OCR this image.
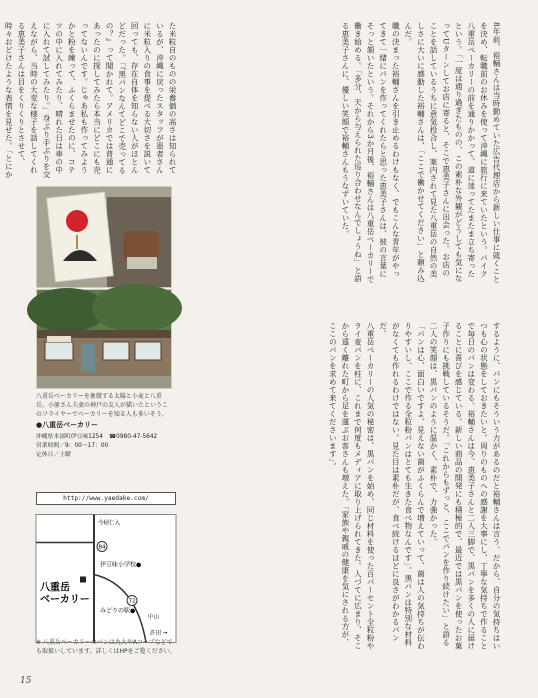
8年前、裕輔さんは当時勤めていた広告代理店から新しい仕事に就くことを決め、転職前のお休みを使って沖縄に旅行に来ていたという。パイク八重岳ベーカリーの前を通りかかって、道に迷ってたまたま立ち寄ったという。「一度は通り過ぎたものの、この素朴な外観がどうしても気になってUターンしてお店に寄ると、そこで恵美子さんに出会った。お店のことを話しているうちに意気投合し、案内されて見た八重岳の自然の美しさに大いに感動した裕輔さんは、「ここで働かせてください」と頼み込んだ。

職の決まった裕輔さんを引き止めるわけもなく、でもこんな青年がやってきて一緒にパンを作ってくれたらと思った恵美子さんは、彼の言葉にそっと頷いたという。それから3か月後、裕輔さんは八重岳ベーカリーで働き始める。「多分、天から与えられた巡り合わせなんでしょうね」と語る恵美子さんに、優しい笑顔で裕輔さんもうなずいていた。

た米粒自のものの栄養価の高さは知られているが、沖縄に戻ったスタッフが患者さんに米粒入りの食事を提べる大切さを説いて回っても、存在自体を知らない人がほとんどだった。「『黒パンなんてどこで売ってるの？』って聞かれて。アメリカでは普通にあったのに探してみたら本当にどこにも売ってないんです。じゃあ私も作ってみようかと粉を練って、ふくらませたのに、コテツの中に入れてみたり、晴れた日は車の中に入れて試してみたり。」身ぶり手ぶりを交えながら、当時の大変な様子を話してくれる恵美子さんは目をくりくりとさせて、時々おどけたような表情を見せた。「とにか

するように、パンにもそういう力があるのだと裕輔さんは言う。だから、自分の気持ちはいつも心の状態をしておきたいと。周りのものへの感謝を大事にし、丁寧な気持ちで作ることで毎日のパンは変わる。裕輔さんは今、恵美子さんと二人三脚で、黒パンを多くの人に届けることに喜びを感じている。新しい商品の開発にも積極的で、最近では黒パンを使ったお菓子作りにも挑戦しているそうだ。「これからもずっと、ここでパンを作り続けたい」と語る二人の笑顔は、黒パンのように温かく、素朴で、力強かった。

「パンは心、面白いですよ。見えない菌がふくらんで増えていって、菌は人の気持ちが伝わりやすいし。ここで作る全粒粉パンはとても生きた食べ物なんです」。黒パンは特別な材料がなくても作れるわけではない。見た目は素朴だが、食べ続けるほどに良さがわかるパンだ。

八重岳ベーカリーの人気の秘密は、黒パンを始め、同じ材料を使った百パーセント全粒粉やライ麦パンを柱に、これまで何度もメディアに取り上げられてきた。人づてに広まり、そこから遠く離れた町から足を運ぶお客さんも増えた。「家族や親戚の健康を気にされる方が、ここのパンを求めて来てくださいます」。

八重岳ベーカリーを象徴する太陽と小麦と八重岳。小原さん夫妻の神戸の友人が描いたというこのフライヤーでベーカリーを知る人も多いそう。
●八重岳ベーカリー
沖縄県本部町伊豆味1254 ☎0980-47-5642
営業時間／9：00～17：00
定休日／土曜
http://www.yaedake.com/
84
72
今帰仁入
伊豆味小学校●
みどりの駅●
中山
許田 →
八重岳 ベーカリー
※ 八重岳ベーカリーのパンは丸大やAコープなどでも取扱いしています。詳しくはHPをご覧ください。
15
